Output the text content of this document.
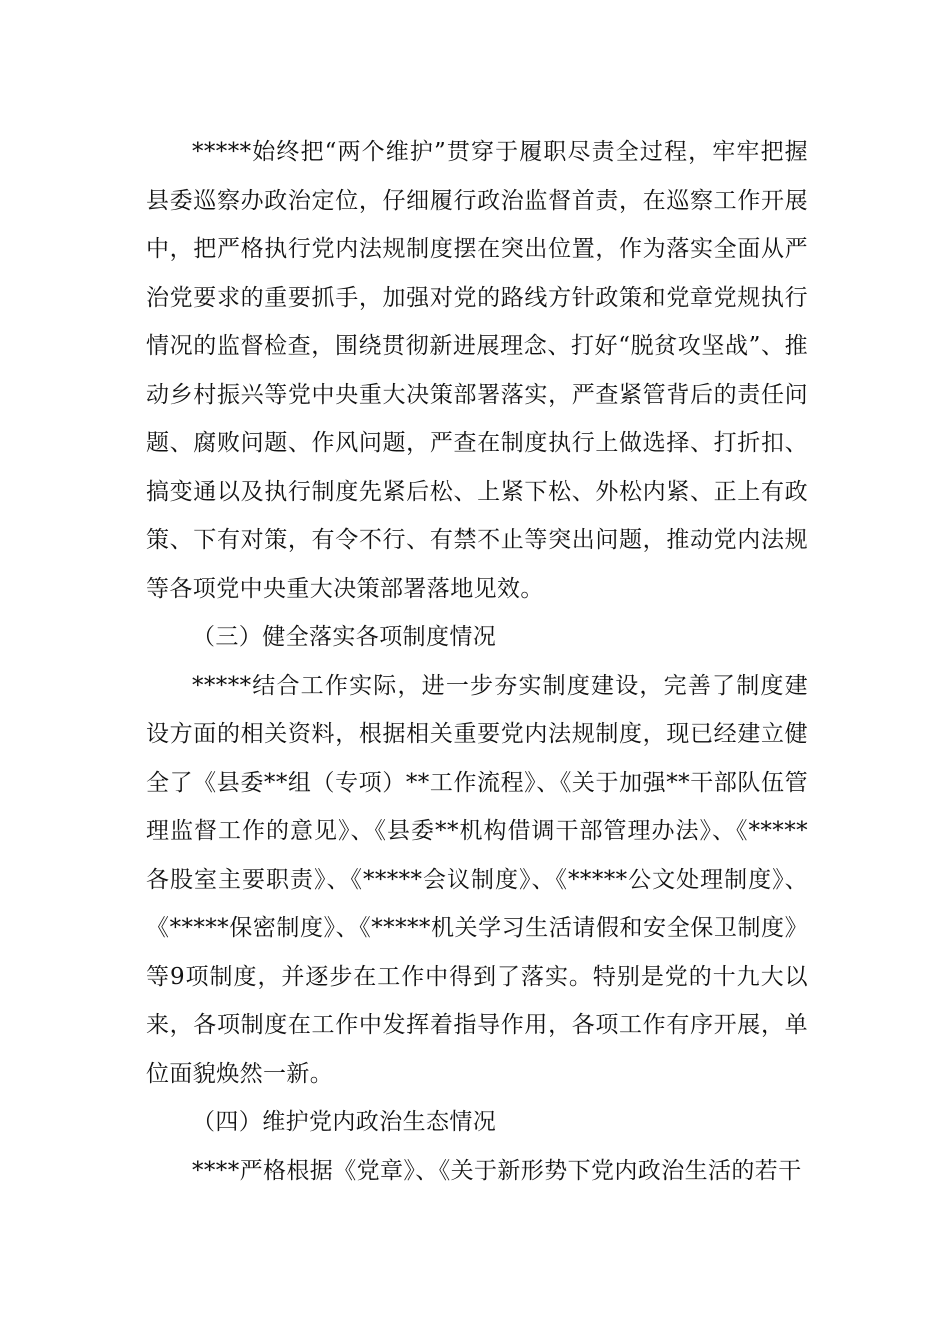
*****始终把“两个维护”贯穿于履职尽责全过程，牢牢把握县委巡察办政治定位，仔细履行政治监督首责，在巡察工作开展中，把严格执行党内法规制度摆在突出位置，作为落实全面从严治党要求的重要抓手，加强对党的路线方针政策和党章党规执行情况的监督检查，围绕贯彻新进展理念、打好“脱贫攻坚战”、推动乡村振兴等党中央重大决策部署落实，严查紧管背后的责任问题、腐败问题、作风问题，严查在制度执行上做选择、打折扣、搞变通以及执行制度先紧后松、上紧下松、外松内紧、正上有政策、下有对策，有令不行、有禁不止等突出问题，推动党内法规等各项党中央重大决策部署落地见效。

（三）健全落实各项制度情况

*****结合工作实际，进一步夯实制度建设，完善了制度建设方面的相关资料，根据相关重要党内法规制度，现已经建立健全了《县委**组（专项）**工作流程》、《关于加强**干部队伍管理监督工作的意见》、《县委**机构借调干部管理办法》、《*****各股室主要职责》、《*****会议制度》、《*****公文处理制度》、《*****保密制度》、《*****机关学习生活请假和安全保卫制度》等9项制度，并逐步在工作中得到了落实。特别是党的十九大以来，各项制度在工作中发挥着指导作用，各项工作有序开展，单位面貌焕然一新。

（四）维护党内政治生态情况

****严格根据《党章》、《关于新形势下党内政治生活的若干
